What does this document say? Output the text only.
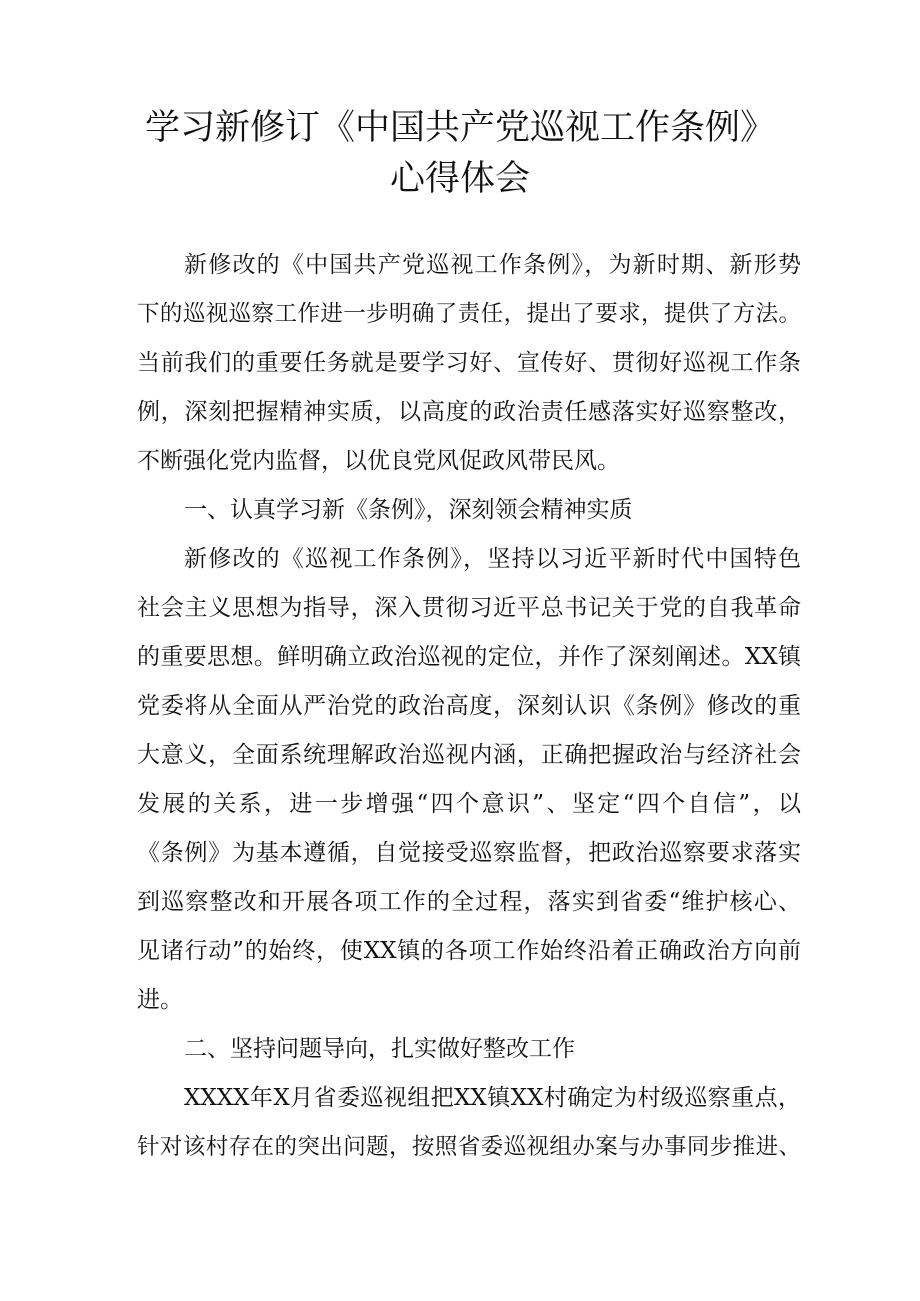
学习新修订《中国共产党巡视工作条例》
心得体会
新修改的《中国共产党巡视工作条例》，为新时期、新形势
下的巡视巡察工作进一步明确了责任，提出了要求，提供了方法。
当前我们的重要任务就是要学习好、宣传好、贯彻好巡视工作条
例，深刻把握精神实质，以高度的政治责任感落实好巡察整改，
不断强化党内监督，以优良党风促政风带民风。
一、认真学习新《条例》，深刻领会精神实质
新修改的《巡视工作条例》，坚持以习近平新时代中国特色
社会主义思想为指导，深入贯彻习近平总书记关于党的自我革命
的重要思想。鲜明确立政治巡视的定位，并作了深刻阐述。XX镇
党委将从全面从严治党的政治高度，深刻认识《条例》修改的重
大意义，全面系统理解政治巡视内涵，正确把握政治与经济社会
发展的关系，进一步增强“四个意识”、坚定“四个自信”，以
《条例》为基本遵循，自觉接受巡察监督，把政治巡察要求落实
到巡察整改和开展各项工作的全过程，落实到省委“维护核心、
见诸行动”的始终，使XX镇的各项工作始终沿着正确政治方向前
进。
二、坚持问题导向，扎实做好整改工作
XXXX年X月省委巡视组把XX镇XX村确定为村级巡察重点，
针对该村存在的突出问题，按照省委巡视组办案与办事同步推进、
